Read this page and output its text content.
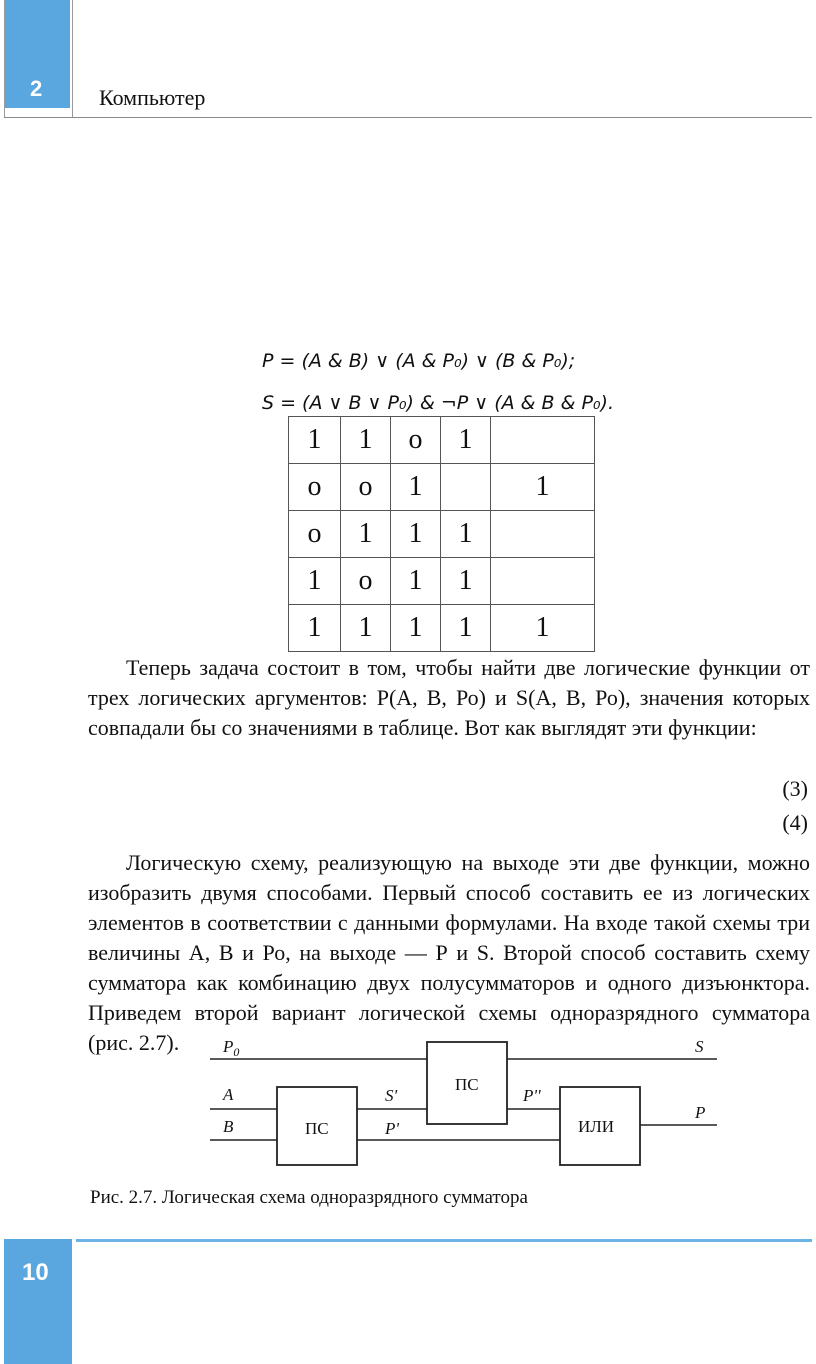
2	Компьютер
P = (A & B) ∨ (A & P₀) ∨ (B & P₀);
S = (A ∨ B ∨ P₀) & ¬P ∨ (A & B & P₀).
1	1	о	1	
о	о	1		1
о	1	1	1	
1	о	1	1	
1	1	1	1	1

Теперь задача состоит в том, чтобы найти две логические функции от трех логических аргументов: Р(А, В, Ро) и S(A, В, Ро), значения которых совпадали бы со значениями в таблице. Вот как выглядят эти функции:

(3)
(4)

Логическую схему, реализующую на выходе эти две функции, можно изобразить двумя способами. Первый способ составить ее из логических элементов в соответствии с данными формулами. На входе такой схемы три величины А, В и Ро, на выходе — Р и S. Второй способ составить схему сумматора как комбинацию двух полусумматоров и одного дизъюнктора. Приведем второй вариант логической схемы одноразрядного сумматора (рис. 2.7).

ПС
ПС
ИЛИ
$P_0$
A
B
S'
P'
P''
S
P
Рис. 2.7. Логическая схема одноразрядного сумматора
10
